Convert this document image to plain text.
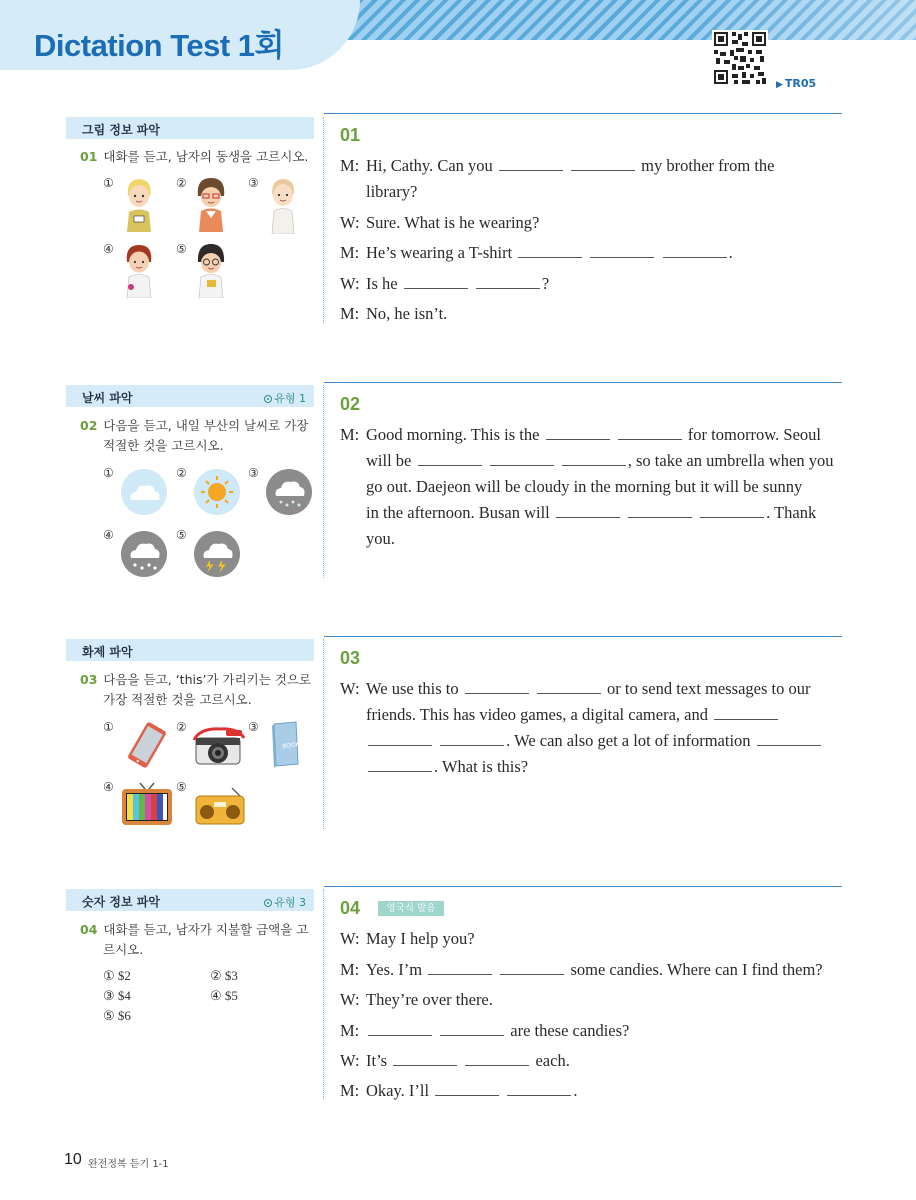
Dictation Test 1회
▶ TR05
그림 정보 파악
01 대화를 듣고, 남자의 동생을 고르시오.
①	②	③
④	⑤
01
M: Hi, Cathy. Can you	my brother from the
library?
W: Sure. What is he wearing?
M: He’s wearing a T-shirt	.
W: Is he	?
M: No, he isn’t.
날씨 파악	유형 1
02 다음을 듣고, 내일 부산의 날씨로 가장
적절한 것을 고르시오.
①	②	③
④	⑤
02
M: Good morning. This is the	for tomorrow. Seoul
will be	, so take an umbrella when you
go out. Daejeon will be cloudy in the morning but it will be sunny
in the afternoon. Busan will	. Thank
you.
화제 파악
03 다음을 듣고, ‘this’가 가리키는 것으로
가장 적절한 것을 고르시오.
①	②	③
④	⑤
BOOK
03
W: We use this to	or to send text messages to our
friends. This has video games, a digital camera, and
. We can also get a lot of information
. What is this?
숫자 정보 파악	유형 3
04 대화를 듣고, 남자가 지불할 금액을 고
르시오.
① $2	② $3
③ $4	④ $5
⑤ $6
04	영국식 발음
W: May I help you?
M: Yes. I’m	some candies. Where can I find them?
W: They’re over there.
M:	are these candies?
W: It’s	each.
M: Okay. I’ll	.
10 완전정복 듣기 1-1
